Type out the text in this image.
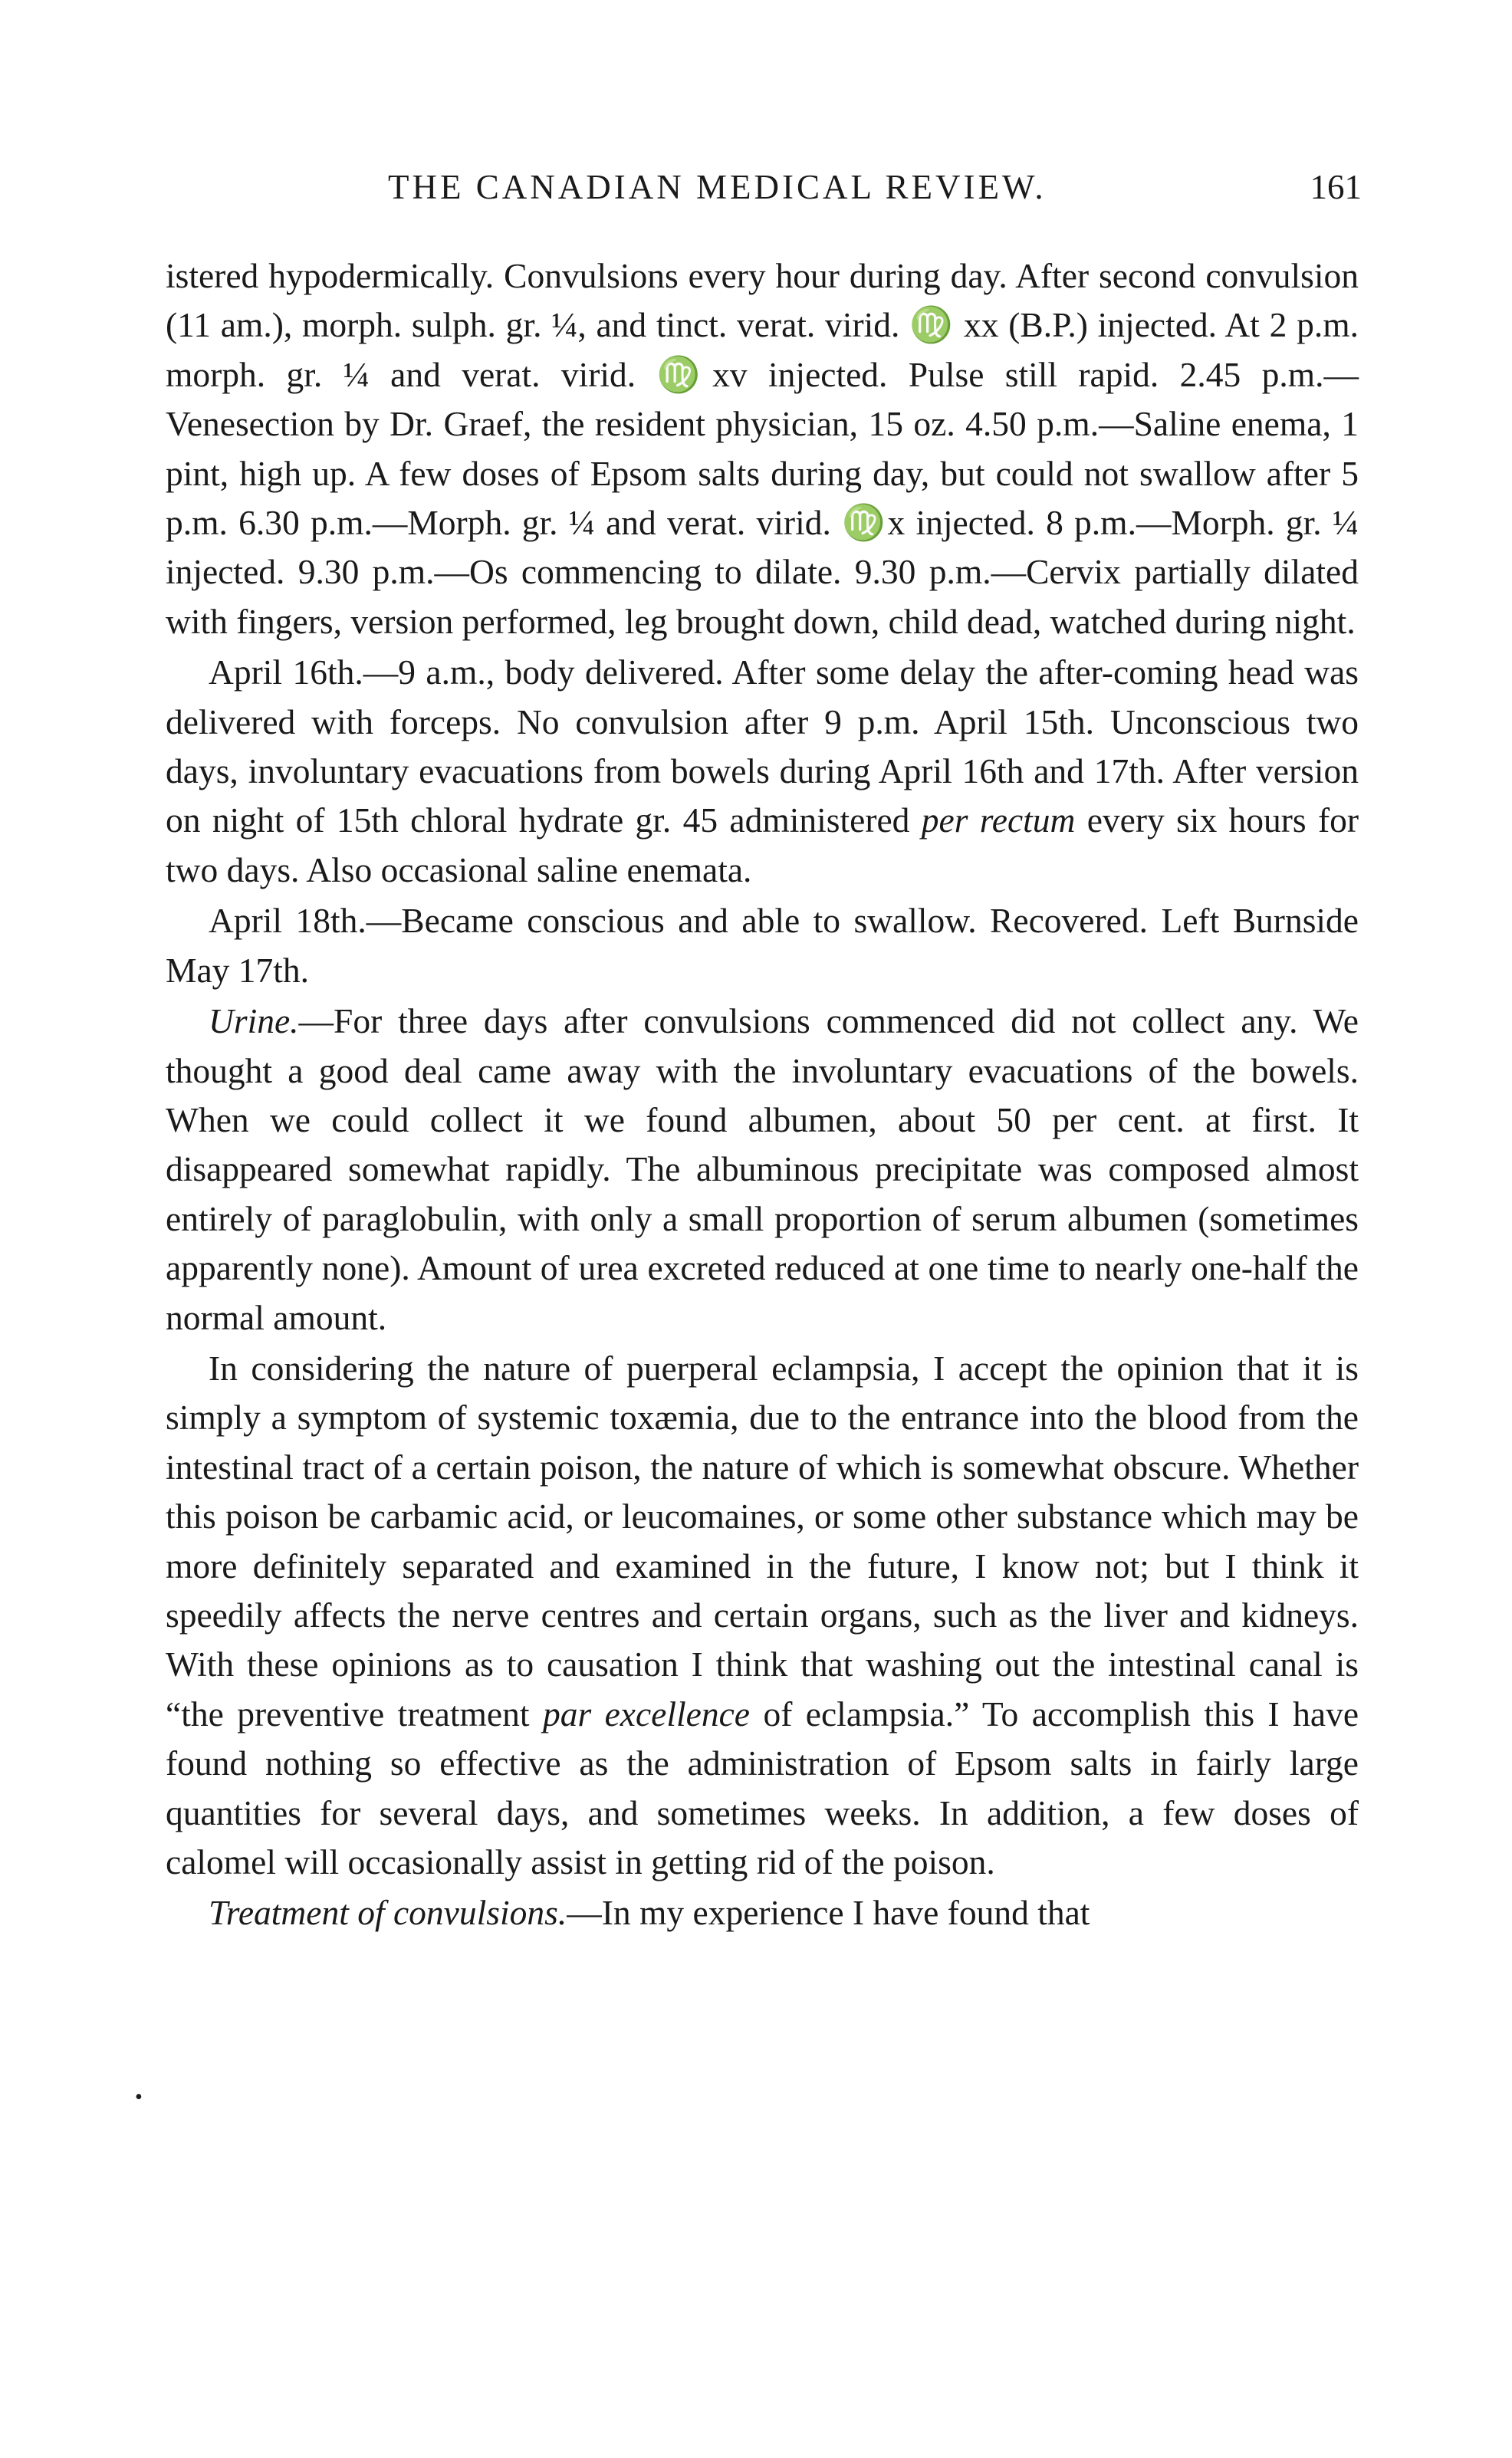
THE CANADIAN MEDICAL REVIEW.	161

istered hypodermically. Convulsions every hour during day. After second convulsion (11 am.), morph. sulph. gr. ¼, and tinct. verat. virid. ♍ xx (B.P.) injected. At 2 p.m. morph. gr. ¼ and verat. virid. ♍xv injected. Pulse still rapid. 2.45 p.m.—Venesection by Dr. Graef, the resident physician, 15 oz. 4.50 p.m.—Saline enema, 1 pint, high up. A few doses of Epsom salts during day, but could not swallow after 5 p.m. 6.30 p.m.—Morph. gr. ¼ and verat. virid. ♍x injected. 8 p.m.—Morph. gr. ¼ injected. 9.30 p.m.—Os commencing to dilate. 9.30 p.m.—Cervix partially dilated with fingers, version performed, leg brought down, child dead, watched during night.

April 16th.—9 a.m., body delivered. After some delay the after-coming head was delivered with forceps. No convulsion after 9 p.m. April 15th. Unconscious two days, involuntary evacuations from bowels during April 16th and 17th. After version on night of 15th chloral hydrate gr. 45 administered per rectum every six hours for two days. Also occasional saline enemata.

April 18th.—Became conscious and able to swallow. Recovered. Left Burnside May 17th.

Urine.—For three days after convulsions commenced did not collect any. We thought a good deal came away with the involuntary evacuations of the bowels. When we could collect it we found albumen, about 50 per cent. at first. It disappeared somewhat rapidly. The albuminous precipitate was composed almost entirely of paraglobulin, with only a small proportion of serum albumen (sometimes apparently none). Amount of urea excreted reduced at one time to nearly one-half the normal amount.

In considering the nature of puerperal eclampsia, I accept the opinion that it is simply a symptom of systemic toxæmia, due to the entrance into the blood from the intestinal tract of a certain poison, the nature of which is somewhat obscure. Whether this poison be carbamic acid, or leucomaines, or some other substance which may be more definitely separated and examined in the future, I know not; but I think it speedily affects the nerve centres and certain organs, such as the liver and kidneys. With these opinions as to causation I think that washing out the intestinal canal is “the preventive treatment par excellence of eclampsia.” To accomplish this I have found nothing so effective as the administration of Epsom salts in fairly large quantities for several days, and sometimes weeks. In addition, a few doses of calomel will occasionally assist in getting rid of the poison.

Treatment of convulsions.—In my experience I have found that

•
